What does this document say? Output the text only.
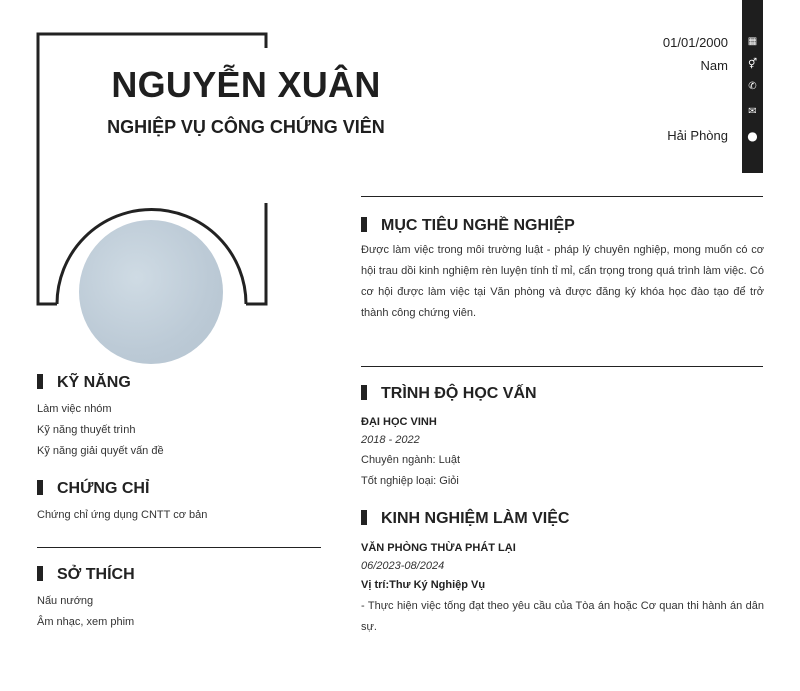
NGUYỄN XUÂN
NGHIỆP VỤ CÔNG CHỨNG VIÊN
▦
⚥
✆
✉
●
01/01/2000
Nam
Hải Phòng
MỤC TIÊU NGHỀ NGHIỆP
Được làm việc trong môi trường luật - pháp lý chuyên nghiệp, mong muốn có cơ hội trau dồi kinh nghiệm rèn luyện tính tỉ mỉ, cẩn trọng trong quá trình làm việc. Có cơ hội được làm việc tại Văn phòng và được đăng ký khóa học đào tạo để trở thành công chứng viên.
TRÌNH ĐỘ HỌC VẤN
ĐẠI HỌC VINH
2018 - 2022
Chuyên ngành: Luật
Tốt nghiệp loại: Giỏi
KINH NGHIỆM LÀM VIỆC
VĂN PHÒNG THỪA PHÁT LẠI
06/2023-08/2024
Vị trí:Thư Ký Nghiệp Vụ
- Thực hiện việc tống đạt theo yêu cầu của Tòa án hoặc Cơ quan thi hành án dân sự.
KỸ NĂNG
Làm việc nhóm
Kỹ năng thuyết trình
Kỹ năng giải quyết vấn đề
CHỨNG CHỈ
Chứng chỉ ứng dụng CNTT cơ bản
SỞ THÍCH
Nấu nướng
Âm nhạc, xem phim
